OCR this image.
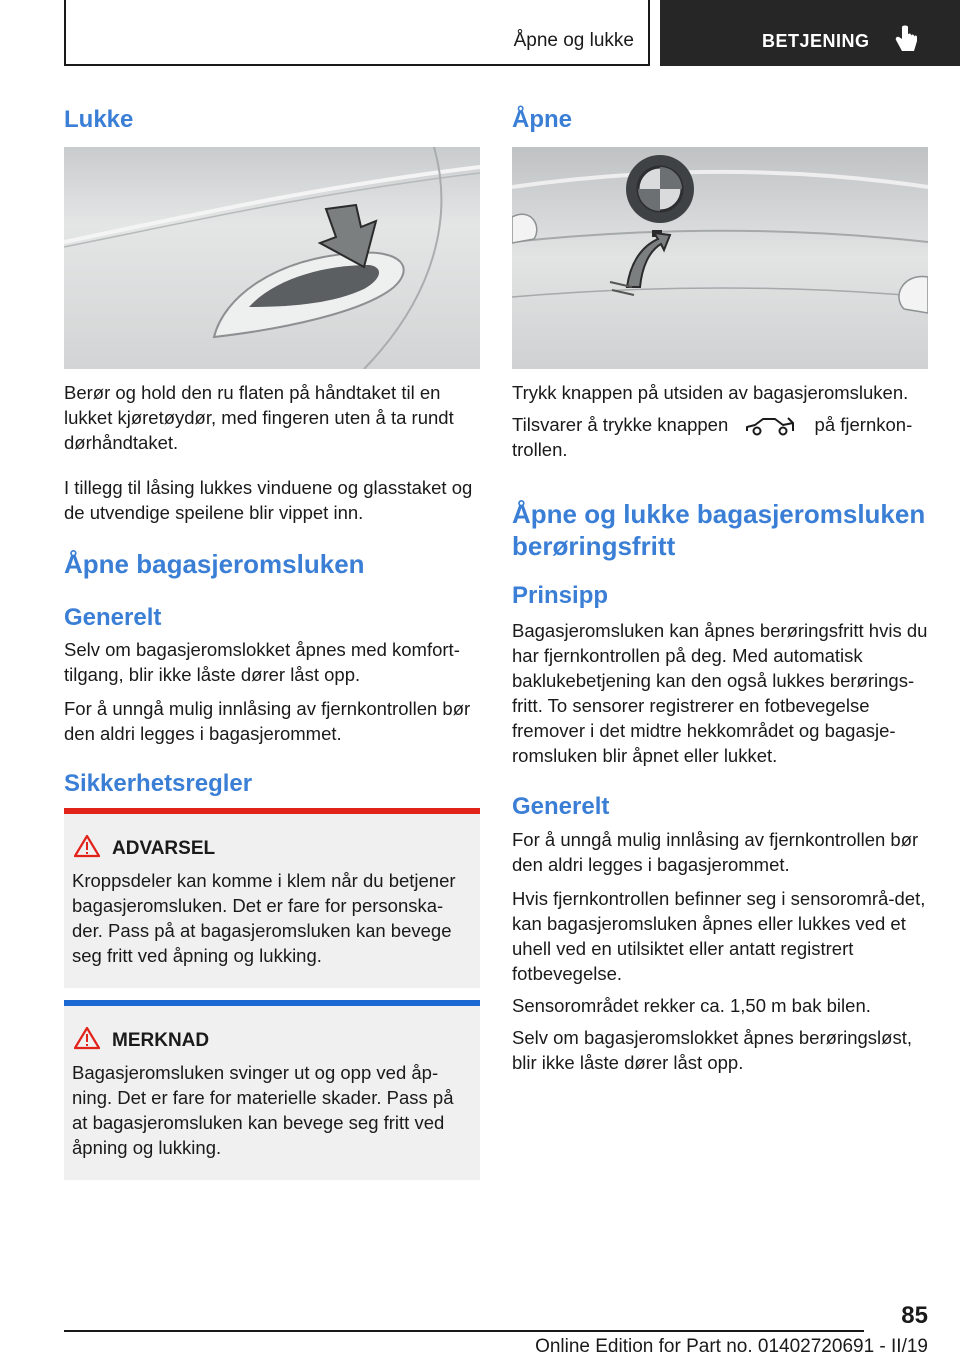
Åpne og lukke	BETJENING
Lukke
Berør og hold den ru flaten på håndtaket til en lukket kjøretøydør, med fingeren uten å ta rundt dørhåndtaket.
I tillegg til låsing lukkes vinduene og glasstaket og de utvendige speilene blir vippet inn.
Åpne bagasjeromsluken
Generelt
Selv om bagasjeromslokket åpnes med komfort-tilgang, blir ikke låste dører låst opp.
For å unngå mulig innlåsing av fjernkontrollen bør den aldri legges i bagasjerommet.
Sikkerhetsregler
ADVARSEL
Kroppsdeler kan komme i klem når du betjener bagasjeromsluken. Det er fare for personska-der. Pass på at bagasjeromsluken kan bevege seg fritt ved åpning og lukking.
MERKNAD
Bagasjeromsluken svinger ut og opp ved åp-ning. Det er fare for materielle skader. Pass på at bagasjeromsluken kan bevege seg fritt ved åpning og lukking.
Åpne
Trykk knappen på utsiden av bagasjeromsluken.
Tilsvarer å trykke knappen	på fjernkon-
trollen.
Åpne og lukke bagasjeromsluken berøringsfritt
Prinsipp
Bagasjeromsluken kan åpnes berøringsfritt hvis du har fjernkontrollen på deg. Med automatisk baklukebetjening kan den også lukkes berørings-fritt. To sensorer registrerer en fotbevegelse fremover i det midtre hekkområdet og bagasje-romsluken blir åpnet eller lukket.
Generelt
For å unngå mulig innlåsing av fjernkontrollen bør den aldri legges i bagasjerommet.
Hvis fjernkontrollen befinner seg i sensorområ-det, kan bagasjeromsluken åpnes eller lukkes ved et uhell ved en utilsiktet eller antatt registrert fotbevegelse.
Sensorområdet rekker ca. 1,50 m bak bilen.
Selv om bagasjeromslokket åpnes berøringsløst, blir ikke låste dører låst opp.
85
Online Edition for Part no. 01402720691 - II/19
